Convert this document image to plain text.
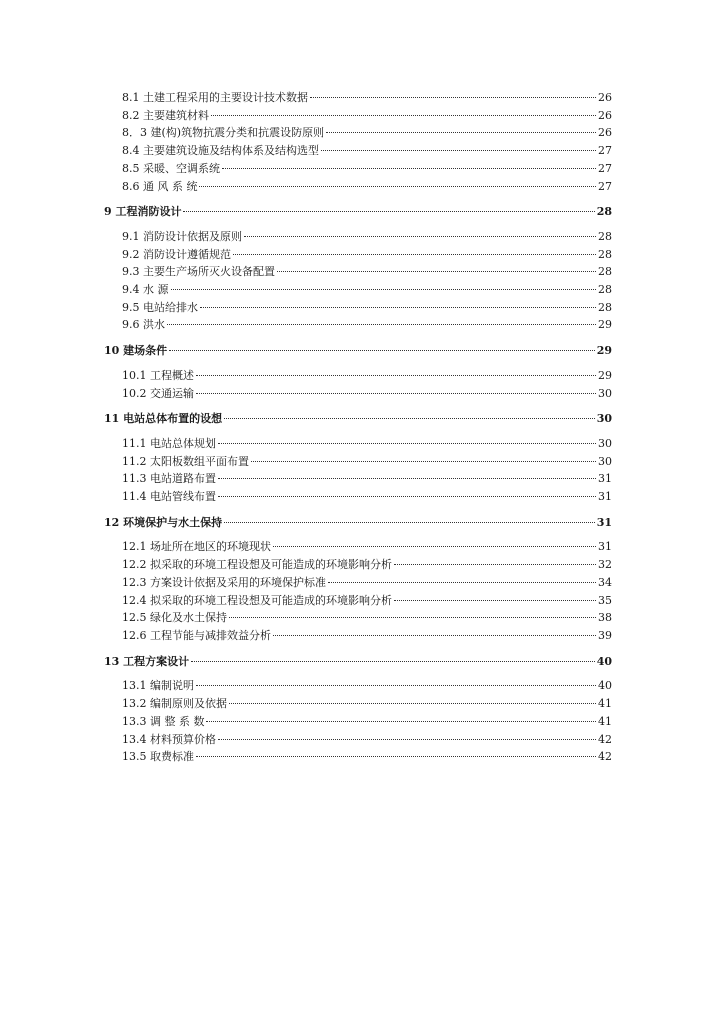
8.1 土建工程采用的主要设计技术数据	26
8.2 主要建筑材料	26
8．3 建(构)筑物抗震分类和抗震设防原则	26
8.4 主要建筑设施及结构体系及结构选型	27
8.5 采暖、空调系统	27
8.6 通 风 系 统	27
9 工程消防设计	28
9.1 消防设计依据及原则	28
9.2 消防设计遵循规范	28
9.3 主要生产场所灭火设备配置	28
9.4 水 源	28
9.5 电站给排水	28
9.6 洪水	29
10 建场条件	29
10.1 工程概述	29
10.2 交通运输	30
11 电站总体布置的设想	30
11.1 电站总体规划	30
11.2 太阳板数组平面布置	30
11.3 电站道路布置	31
11.4 电站管线布置	31
12 环境保护与水土保持	31
12.1 场址所在地区的环境现状	31
12.2 拟采取的环境工程设想及可能造成的环境影响分析	32
12.3 方案设计依据及采用的环境保护标准	34
12.4 拟采取的环境工程设想及可能造成的环境影响分析	35
12.5 绿化及水土保持	38
12.6 工程节能与减排效益分析	39
13 工程方案设计	40
13.1 编制说明	40
13.2 编制原则及依据	41
13.3 调 整 系 数	41
13.4 材料预算价格	42
13.5 取费标准	42
